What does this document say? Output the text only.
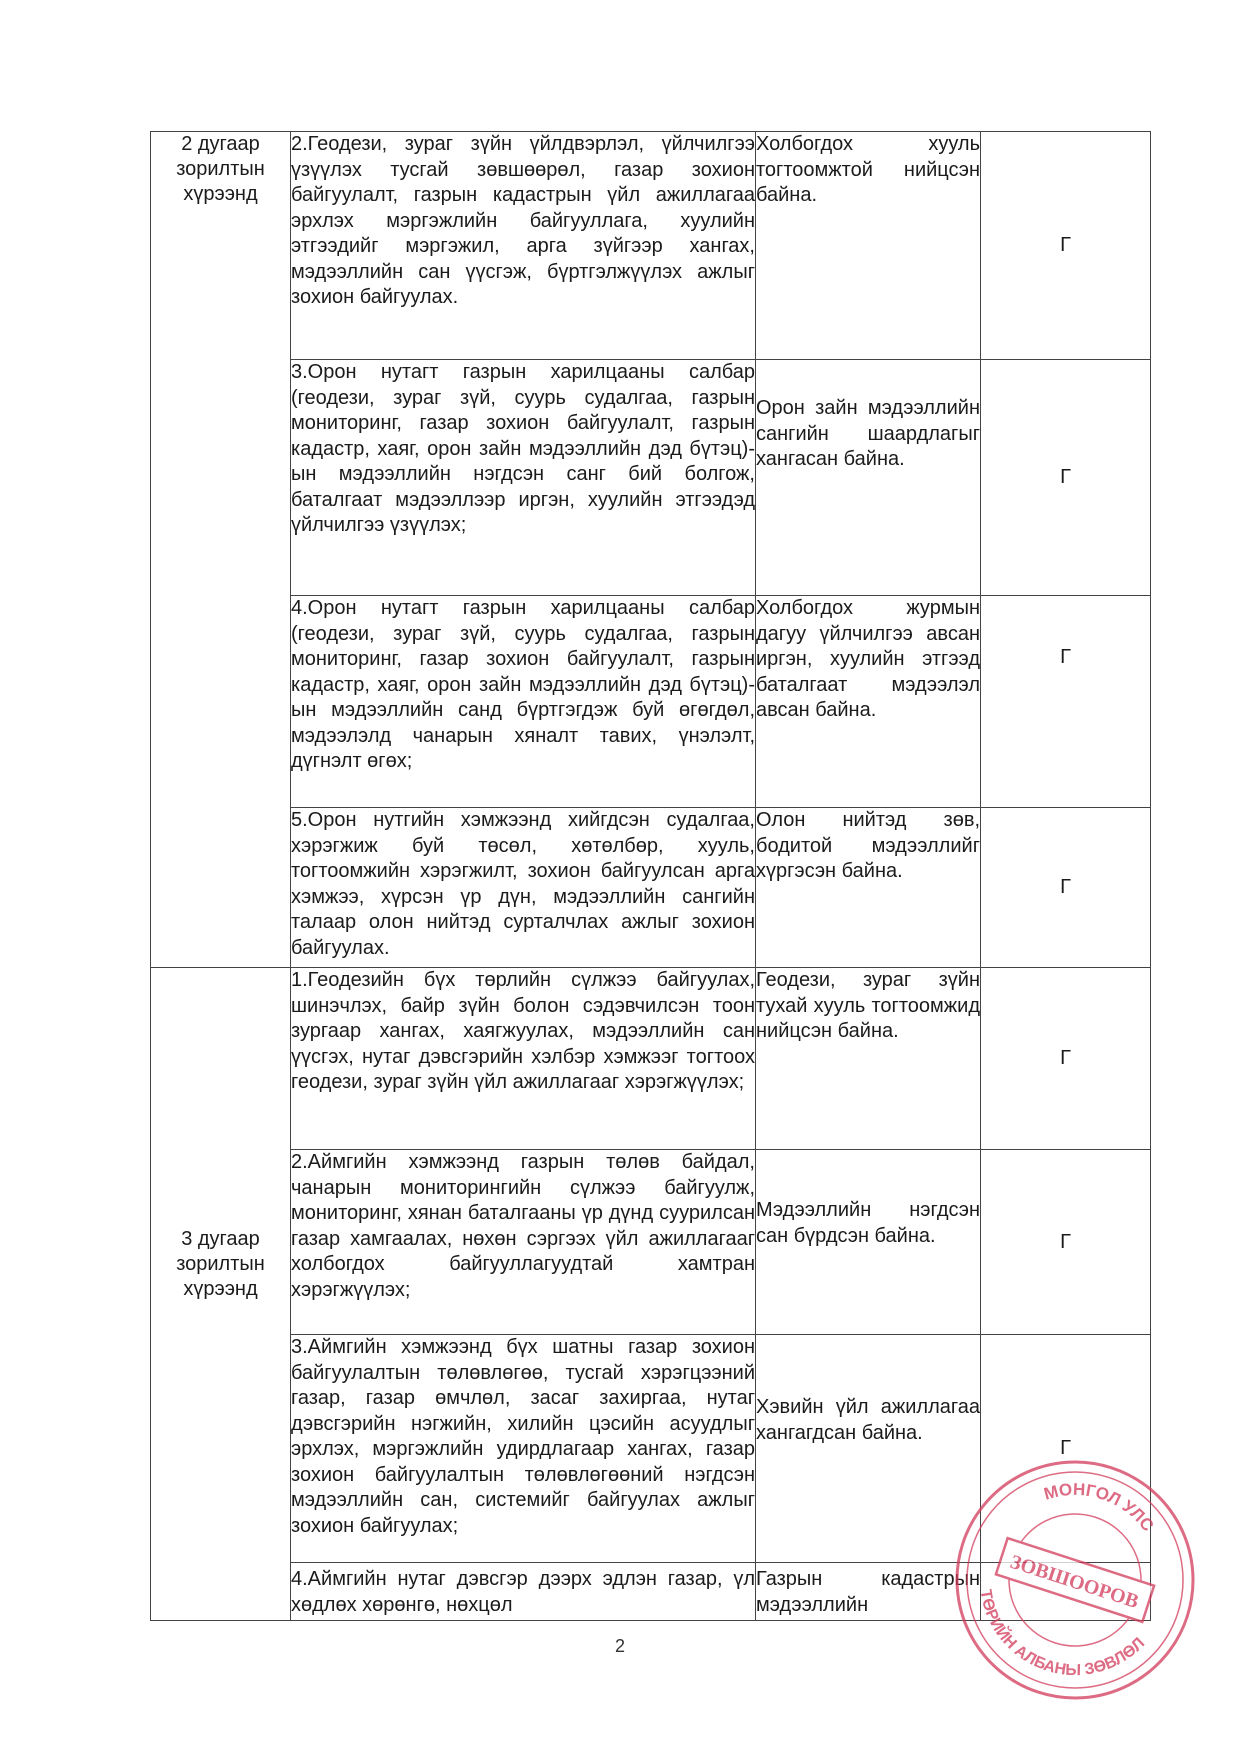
2 дугаар зорилтын хүрээнд	2.Геодези, зураг зүйн үйлдвэрлэл, үйлчилгээ үзүүлэх тусгай зөвшөөрөл, газар зохион байгуулалт, газрын кадастрын үйл ажиллагаа эрхлэх мэргэжлийн байгууллага, хуулийн этгээдийг мэргэжил, арга зүйгээр хангах, мэдээллийн сан үүсгэж, бүртгэлжүүлэх ажлыг зохион байгуулах.	Холбогдох хууль тогтоомжтой нийцсэн байна.	Г
	3.Орон нутагт газрын харилцааны салбар (геодези, зураг зүй, суурь судалгаа, газрын мониторинг, газар зохион байгуулалт, газрын кадастр, хаяг, орон зайн мэдээллийн дэд бүтэц)-ын мэдээллийн нэгдсэн санг бий болгож, баталгаат мэдээллээр иргэн, хуулийн этгээдэд үйлчилгээ үзүүлэх;	Орон зайн мэдээллийн сангийн шаардлагыг хангасан байна.	Г
	4.Орон нутагт газрын харилцааны салбар (геодези, зураг зүй, суурь судалгаа, газрын мониторинг, газар зохион байгуулалт, газрын кадастр, хаяг, орон зайн мэдээллийн дэд бүтэц)-ын мэдээллийн санд бүртгэгдэж буй өгөгдөл, мэдээлэлд чанарын хяналт тавих, үнэлэлт, дүгнэлт өгөх;	Холбогдох журмын дагуу үйлчилгээ авсан иргэн, хуулийн этгээд баталгаат мэдээлэл авсан байна.	Г
	5.Орон нутгийн хэмжээнд хийгдсэн судалгаа, хэрэгжиж буй төсөл, хөтөлбөр, хууль, тогтоомжийн хэрэгжилт, зохион байгуулсан арга хэмжээ, хүрсэн үр дүн, мэдээллийн сангийн талаар олон нийтэд сурталчлах ажлыг зохион байгуулах.	Олон нийтэд зөв, бодитой мэдээллийг хүргэсэн байна.	Г
3 дугаар зорилтын хүрээнд	1.Геодезийн бүх төрлийн сүлжээ байгуулах, шинэчлэх, байр зүйн болон сэдэвчилсэн тоон зургаар хангах, хаягжуулах, мэдээллийн сан үүсгэх, нутаг дэвсгэрийн хэлбэр хэмжээг тогтоох геодези, зураг зүйн үйл ажиллагааг хэрэгжүүлэх;	Геодези, зураг зүйн тухай хууль тогтоомжид нийцсэн байна.	Г
	2.Аймгийн хэмжээнд газрын төлөв байдал, чанарын мониторингийн сүлжээ байгуулж, мониторинг, хянан баталгааны үр дүнд суурилсан газар хамгаалах, нөхөн сэргээх үйл ажиллагааг холбогдох байгууллагуудтай хамтран хэрэгжүүлэх;	Мэдээллийн нэгдсэн сан бүрдсэн байна.	Г
	3.Аймгийн хэмжээнд бүх шатны газар зохион байгуулалтын төлөвлөгөө, тусгай хэрэгцээний газар, газар өмчлөл, засаг захиргаа, нутаг дэвсгэрийн нэгжийн, хилийн цэсийн асуудлыг эрхлэх, мэргэжлийн удирдлагаар хангах, газар зохион байгуулалтын төлөвлөгөөний нэгдсэн мэдээллийн сан, системийг байгуулах ажлыг зохион байгуулах;	Хэвийн үйл ажиллагаа хангагдсан байна.	Г
	4.Аймгийн нутаг дэвсгэр дээрх эдлэн газар, үл хөдлөх хөрөнгө, нөхцөл	Газрын кадастрын мэдээллийн	
2
МОНГОЛ УЛС
ЗОВШООРОВ
ТӨРИЙН АЛБАНЫ ЗӨВЛӨЛ
